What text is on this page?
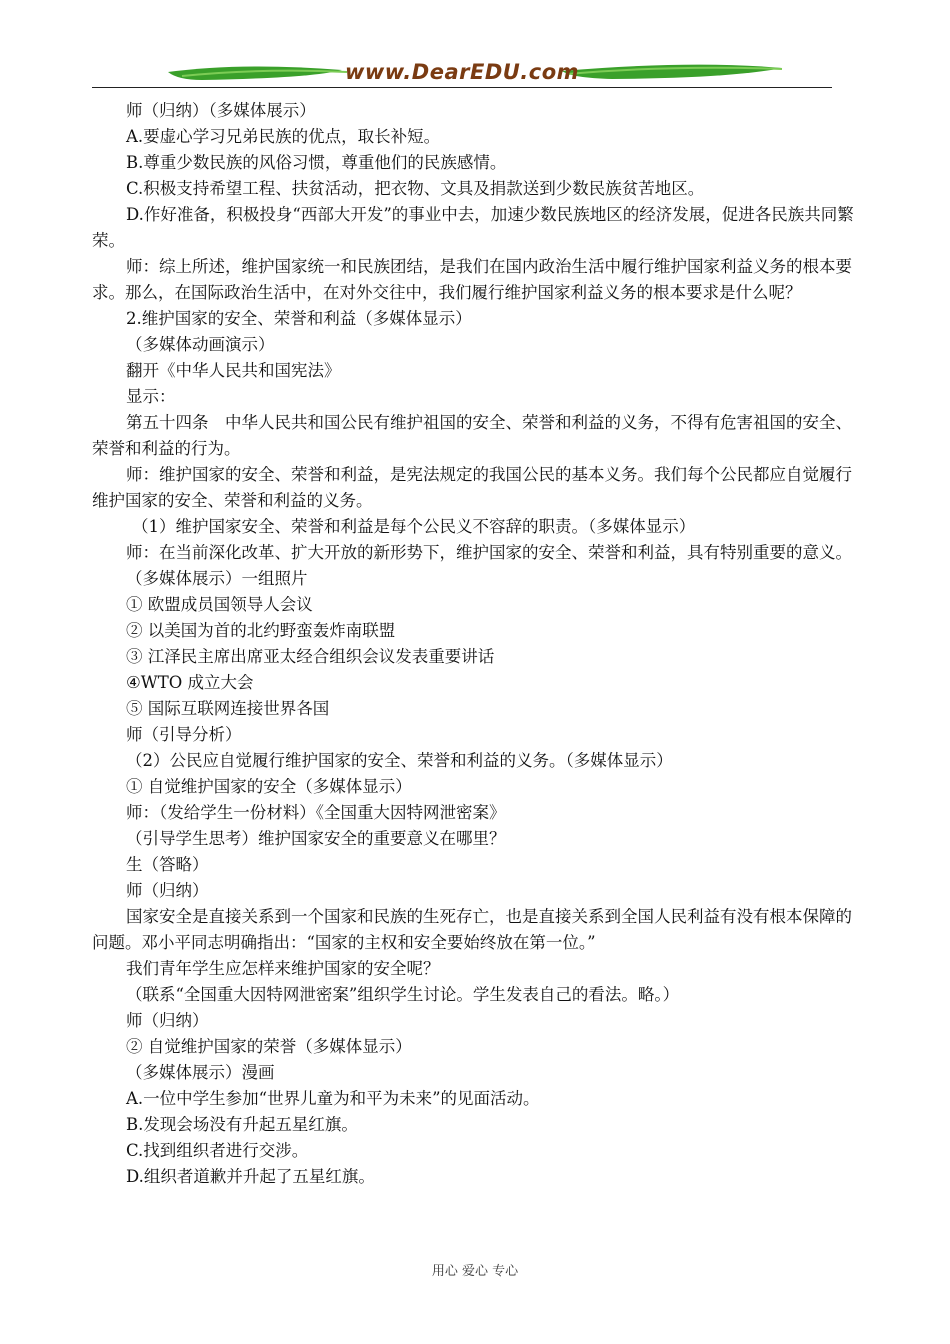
www.DearEDU.com
师（归纳）（多媒体展示）
A.要虚心学习兄弟民族的优点，取长补短。
B.尊重少数民族的风俗习惯，尊重他们的民族感情。
C.积极支持希望工程、扶贫活动，把衣物、文具及捐款送到少数民族贫苦地区。
D.作好准备，积极投身“西部大开发”的事业中去，加速少数民族地区的经济发展，促进各民族共同繁荣。
师：综上所述，维护国家统一和民族团结，是我们在国内政治生活中履行维护国家利益义务的根本要求。那么，在国际政治生活中，在对外交往中，我们履行维护国家利益义务的根本要求是什么呢？
2.维护国家的安全、荣誉和利益（多媒体显示）
（多媒体动画演示）
翻开《中华人民共和国宪法》
显示：
第五十四条　中华人民共和国公民有维护祖国的安全、荣誉和利益的义务，不得有危害祖国的安全、荣誉和利益的行为。
师：维护国家的安全、荣誉和利益，是宪法规定的我国公民的基本义务。我们每个公民都应自觉履行维护国家的安全、荣誉和利益的义务。
（1）维护国家安全、荣誉和利益是每个公民义不容辞的职责。（多媒体显示）
师：在当前深化改革、扩大开放的新形势下，维护国家的安全、荣誉和利益，具有特别重要的意义。
（多媒体展示）一组照片
① 欧盟成员国领导人会议
② 以美国为首的北约野蛮轰炸南联盟
③ 江泽民主席出席亚太经合组织会议发表重要讲话
④WTO 成立大会
⑤ 国际互联网连接世界各国
师（引导分析）
（2）公民应自觉履行维护国家的安全、荣誉和利益的义务。（多媒体显示）
① 自觉维护国家的安全（多媒体显示）
师：（发给学生一份材料）《全国重大因特网泄密案》
（引导学生思考）维护国家安全的重要意义在哪里？
生（答略）
师（归纳）
国家安全是直接关系到一个国家和民族的生死存亡，也是直接关系到全国人民利益有没有根本保障的问题。邓小平同志明确指出：“国家的主权和安全要始终放在第一位。”
我们青年学生应怎样来维护国家的安全呢？
（联系“全国重大因特网泄密案”组织学生讨论。学生发表自己的看法。略。）
师（归纳）
② 自觉维护国家的荣誉（多媒体显示）
（多媒体展示）漫画
A.一位中学生参加“世界儿童为和平为未来”的见面活动。
B.发现会场没有升起五星红旗。
C.找到组织者进行交涉。
D.组织者道歉并升起了五星红旗。
用心 爱心 专心
